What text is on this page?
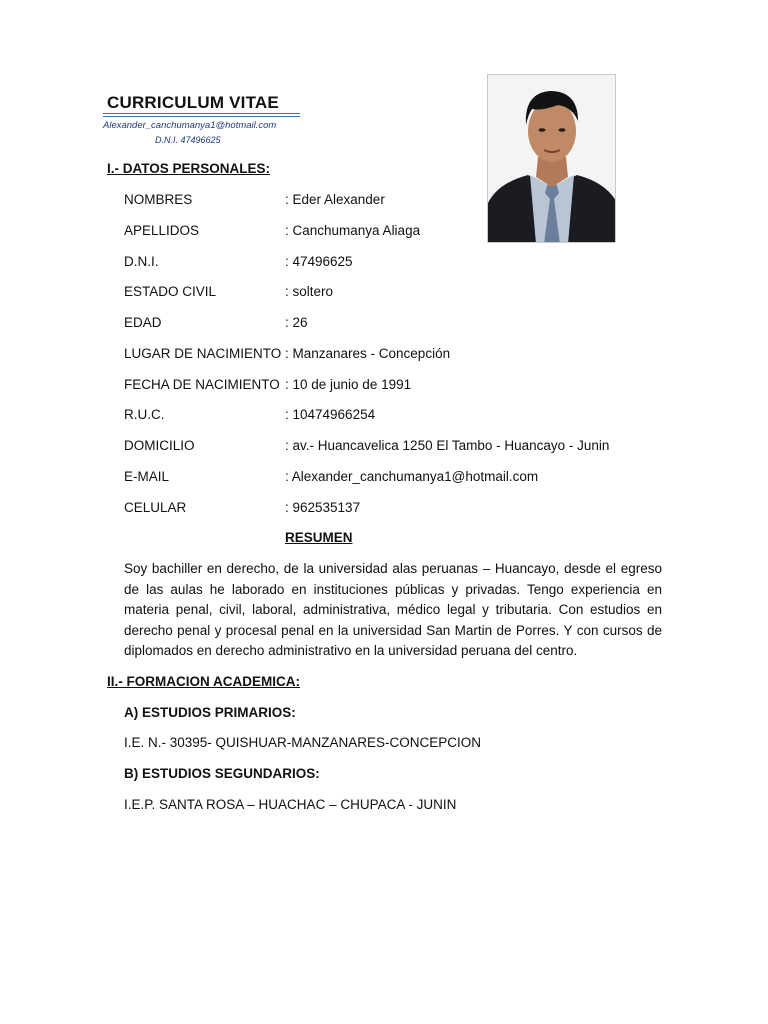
CURRICULUM VITAE
Alexander_canchumanya1@hotmail.com
D.N.I. 47496625
I.- DATOS PERSONALES:
NOMBRES	: Eder Alexander
APELLIDOS	: Canchumanya Aliaga
D.N.I.	: 47496625
ESTADO CIVIL	: soltero
EDAD	: 26
LUGAR DE NACIMIENTO : Manzanares - Concepción
FECHA DE NACIMIENTO : 10 de junio de 1991
R.U.C.	: 10474966254
DOMICILIO	: av.- Huancavelica 1250 El Tambo - Huancayo - Junin
E-MAIL	: Alexander_canchumanya1@hotmail.com
CELULAR	: 962535137
RESUMEN
Soy bachiller en derecho, de la universidad alas peruanas – Huancayo, desde el egreso de las aulas he laborado en instituciones públicas y privadas. Tengo experiencia en materia penal, civil, laboral, administrativa, médico legal y tributaria. Con estudios en derecho penal y procesal penal en la universidad San Martin de Porres. Y con cursos de diplomados en derecho administrativo en la universidad peruana del centro.
II.- FORMACION ACADEMICA:
A) ESTUDIOS PRIMARIOS:
I.E. N.- 30395- QUISHUAR-MANZANARES-CONCEPCION
B) ESTUDIOS SEGUNDARIOS:
I.E.P. SANTA ROSA – HUACHAC – CHUPACA - JUNIN
